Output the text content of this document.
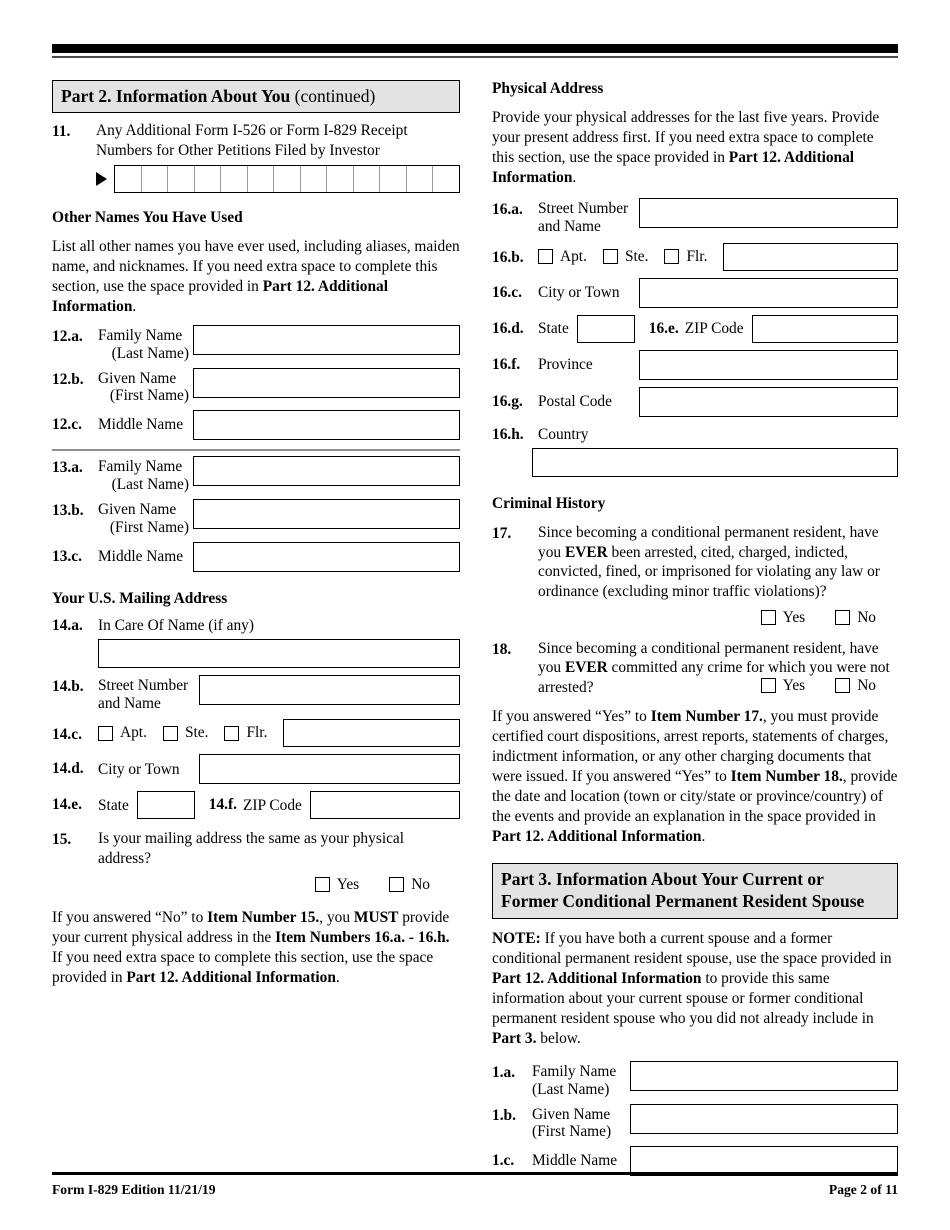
Part 2. Information About You (continued)
11.	Any Additional Form I-526 or Form I-829 Receipt Numbers for Other Petitions Filed by Investor
Other Names You Have Used
List all other names you have ever used, including aliases, maiden name, and nicknames. If you need extra space to complete this section, use the space provided in Part 12. Additional Information.
12.a. Family Name
(Last Name)
12.b. Given Name
(First Name)
12.c.	Middle Name
13.a. Family Name
(Last Name)
13.b. Given Name
(First Name)
13.c.	Middle Name
Your U.S. Mailing Address
14.a. In Care Of Name (if any)
14.b. Street Number
and Name
14.c.	Apt. Ste. Flr.
14.d. City or Town
14.e.	State	14.f. ZIP Code
15.	Is your mailing address the same as your physical address?
Yes	No
If you answered “No” to Item Number 15., you MUST provide your current physical address in the Item Numbers 16.a. - 16.h. If you need extra space to complete this section, use the space provided in Part 12. Additional Information.
Physical Address
Provide your physical addresses for the last five years. Provide your present address first. If you need extra space to complete this section, use the space provided in Part 12. Additional Information.
16.a. Street Number
and Name
16.b.	Apt. Ste. Flr.
16.c.	City or Town
16.d. State	16.e. ZIP Code
16.f.	Province
16.g. Postal Code
16.h. Country
Criminal History
17.	Since becoming a conditional permanent resident, have you EVER been arrested, cited, charged, indicted, convicted, fined, or imprisoned for violating any law or ordinance (excluding minor traffic violations)?
Yes	No
18.	Since becoming a conditional permanent resident, have you EVER committed any crime for which you were not arrested?	Yes	No
If you answered “Yes” to Item Number 17., you must provide certified court dispositions, arrest reports, statements of charges, indictment information, or any other charging documents that were issued. If you answered “Yes” to Item Number 18., provide the date and location (town or city/state or province/country) of the events and provide an explanation in the space provided in Part 12. Additional Information.
Part 3. Information About Your Current or
Former Conditional Permanent Resident Spouse
NOTE: If you have both a current spouse and a former conditional permanent resident spouse, use the space provided in Part 12. Additional Information to provide this same information about your current spouse or former conditional permanent resident spouse who you did not already include in Part 3. below.
1.a.	Family Name
(Last Name)
1.b.	Given Name
(First Name)
1.c.	Middle Name
Form I-829 Edition 11/21/19	Page 2 of 11
